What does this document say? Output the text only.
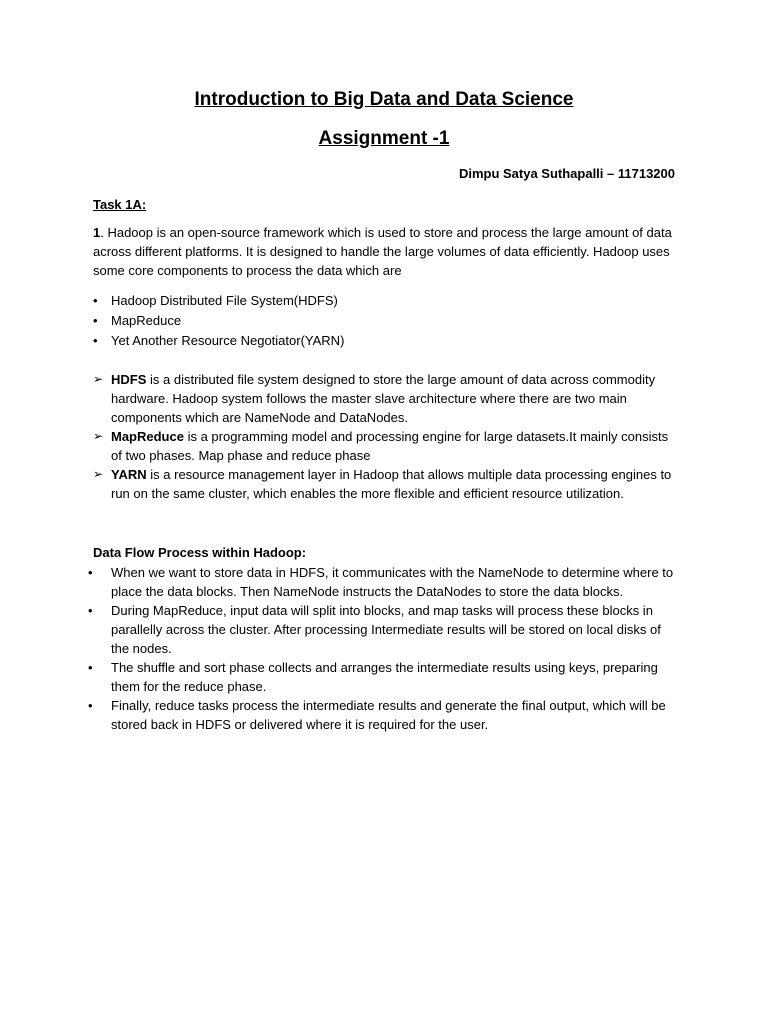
Introduction to Big Data and Data Science
Assignment -1

Dimpu Satya Suthapalli – 11713200

Task 1A:
1. Hadoop is an open-source framework which is used to store and process the large amount of data across different platforms. It is designed to handle the large volumes of data efficiently. Hadoop uses some core components to process the data which are
•	Hadoop Distributed File System(HDFS)
•	MapReduce
•	Yet Another Resource Negotiator(YARN)
➢ HDFS is a distributed file system designed to store the large amount of data across commodity hardware. Hadoop system follows the master slave architecture where there are two main components which are NameNode and DataNodes.
➢ MapReduce is a programming model and processing engine for large datasets.It mainly consists of two phases. Map phase and reduce phase
➢ YARN is a resource management layer in Hadoop that allows multiple data processing engines to run on the same cluster, which enables the more flexible and efficient resource utilization.
Data Flow Process within Hadoop:
•	When we want to store data in HDFS, it communicates with the NameNode to determine where to place the data blocks. Then NameNode instructs the DataNodes to store the data blocks.
•	During MapReduce, input data will split into blocks, and map tasks will process these blocks in parallelly across the cluster. After processing Intermediate results will be stored on local disks of the nodes.
•	The shuffle and sort phase collects and arranges the intermediate results using keys, preparing them for the reduce phase.
•	Finally, reduce tasks process the intermediate results and generate the final output, which will be stored back in HDFS or delivered where it is required for the user.
